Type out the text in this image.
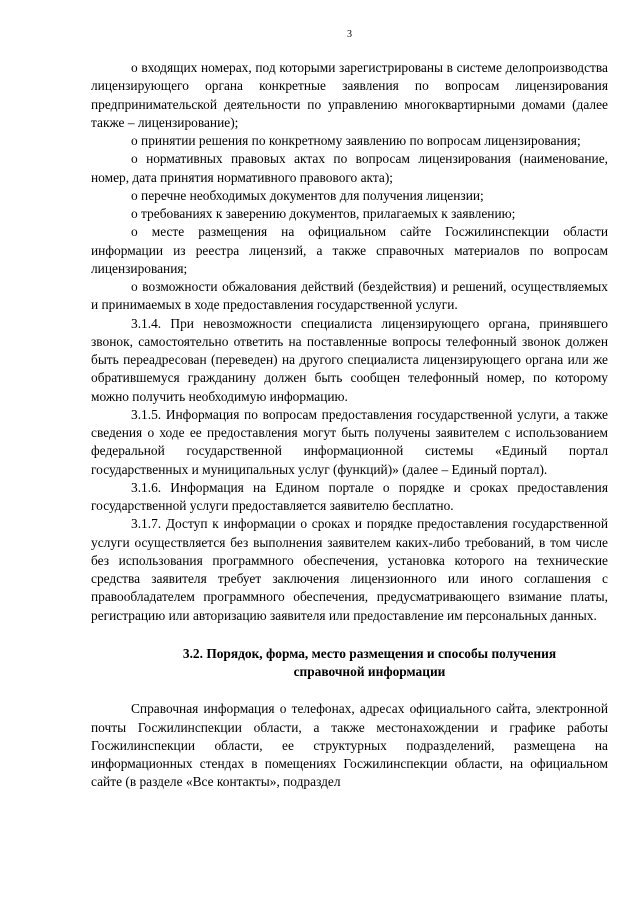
3

о входящих номерах, под которыми зарегистрированы в системе делопроизводства лицензирующего органа конкретные заявления по вопросам лицензирования предпринимательской деятельности по управлению многоквартирными домами (далее также – лицензирование);

о принятии решения по конкретному заявлению по вопросам лицензирования;

о нормативных правовых актах по вопросам лицензирования (наименование, номер, дата принятия нормативного правового акта);

о перечне необходимых документов для получения лицензии;

о требованиях к заверению документов, прилагаемых к заявлению;

о месте размещения на официальном сайте Госжилинспекции области информации из реестра лицензий, а также справочных материалов по вопросам лицензирования;

о возможности обжалования действий (бездействия) и решений, осуществляемых и принимаемых в ходе предоставления государственной услуги.

3.1.4. При невозможности специалиста лицензирующего органа, принявшего звонок, самостоятельно ответить на поставленные вопросы телефонный звонок должен быть переадресован (переведен) на другого специалиста лицензирующего органа или же обратившемуся гражданину должен быть сообщен телефонный номер, по которому можно получить необходимую информацию.

3.1.5. Информация по вопросам предоставления государственной услуги, а также сведения о ходе ее предоставления могут быть получены заявителем с использованием федеральной государственной информационной системы «Единый портал государственных и муниципальных услуг (функций)» (далее – Единый портал).

3.1.6. Информация на Едином портале о порядке и сроках предоставления государственной услуги предоставляется заявителю бесплатно.

3.1.7. Доступ к информации о сроках и порядке предоставления государственной услуги осуществляется без выполнения заявителем каких-либо требований, в том числе без использования программного обеспечения, установка которого на технические средства заявителя требует заключения лицензионного или иного соглашения с правообладателем программного обеспечения, предусматривающего взимание платы, регистрацию или авторизацию заявителя или предоставление им персональных данных.

3.2. Порядок, форма, место размещения и способы получения
справочной информации

Справочная информация о телефонах, адресах официального сайта, электронной почты Госжилинспекции области, а также местонахождении и графике работы Госжилинспекции области, ее структурных подразделений, размещена на информационных стендах в помещениях Госжилинспекции области, на официальном сайте (в разделе «Все контакты», подраздел
